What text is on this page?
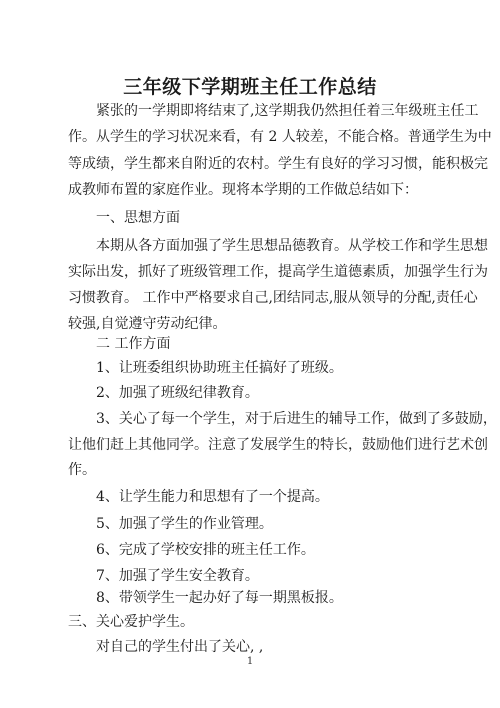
三年级下学期班主任工作总结
紧张的一学期即将结束了,这学期我仍然担任着三年级班主任工
作。从学生的学习状况来看，有 2 人较差，不能合格。普通学生为中
等成绩，学生都来自附近的农村。学生有良好的学习习惯，能积极完
成教师布置的家庭作业。现将本学期的工作做总结如下：
一、思想方面
本期从各方面加强了学生思想品德教育。从学校工作和学生思想
实际出发，抓好了班级管理工作，提高学生道德素质，加强学生行为
习惯教育。 工作中严格要求自己,团结同志,服从领导的分配,责任心
较强,自觉遵守劳动纪律。
二 工作方面
1、让班委组织协助班主任搞好了班级。
2、加强了班级纪律教育。
3、关心了每一个学生，对于后进生的辅导工作，做到了多鼓励，
让他们赶上其他同学。注意了发展学生的特长，鼓励他们进行艺术创
作。
4、让学生能力和思想有了一个提高。
5、加强了学生的作业管理。
6、完成了学校安排的班主任工作。
7、加强了学生安全教育。
8、带领学生一起办好了每一期黑板报。
三、关心爱护学生。
对自己的学生付出了关心, ,
1
